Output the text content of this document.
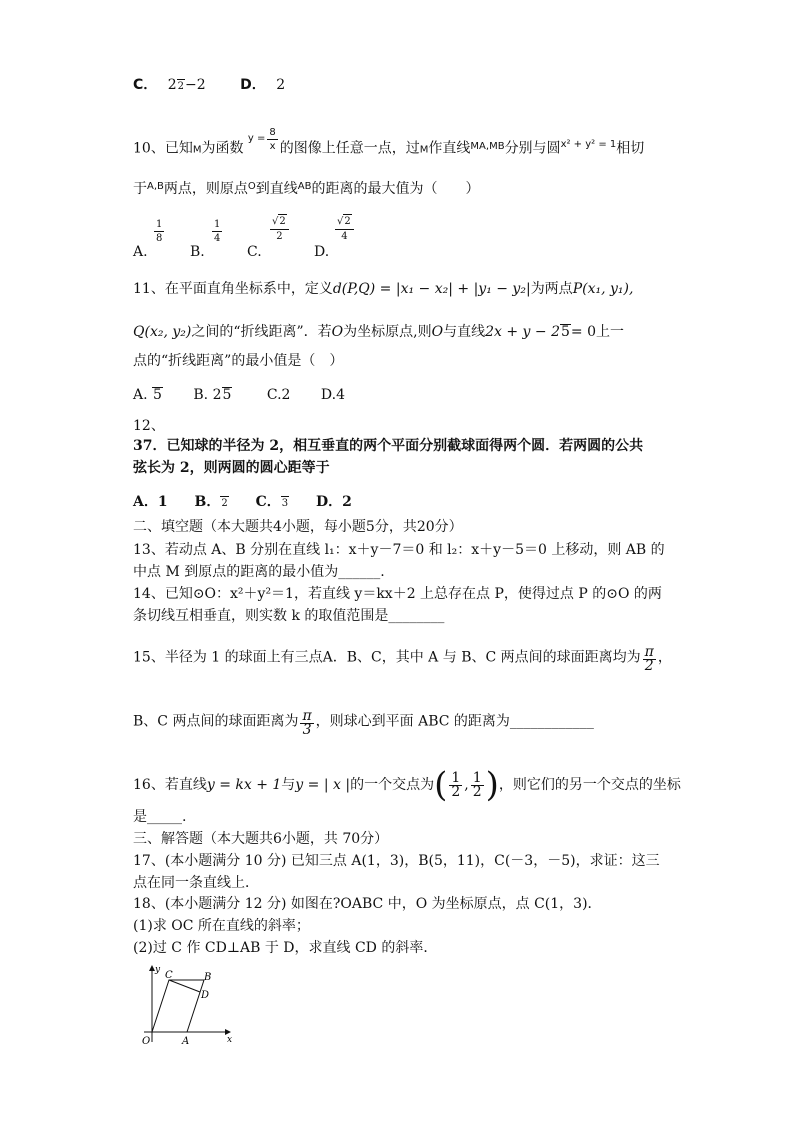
C． 22−2 D． 2
10、已知M为函数 $^{y = \frac{8}{x}}$ 的图像上任意一点，过M作直线$^{MA,MB}$分别与圆$^{x^2 + y^2 = 1}$相切
于$^{A,B}$两点，则原点$^O$到直线$^{AB}$的距离的最大值为（　　）
A.
$\frac{1}{8}$
B.
$\frac{1}{4}$
C.
$\frac{√2}{2}$
D.
$\frac{√2}{4}$
11、在平面直角坐标系中，定义d(P,Q) = |x₁ − x₂| + |y₁ − y₂|为两点P(x₁, y₁),
Q(x₂, y₂)之间的“折线距离”．若O为坐标原点,则O与直线2x + y − 25= 0上一
点的“折线距离”的最小值是（　）
A. 5 B. 25	C.2 D.4
12、
37．已知球的半径为 2，相互垂直的两个平面分别截球面得两个圆．若两圆的公共
弦长为 2，则两圆的圆心距等于
A．1 B．2 C．3 D．2
二、填空题（本大题共4小题，每小题5分，共20分）
13、若动点 A、B 分别在直线 l₁：x＋y－7＝0 和 l₂：x＋y－5＝0 上移动，则 AB 的
中点 M 到原点的距离的最小值为______.
14、已知⊙O：x²＋y²＝1，若直线 y＝kx＋2 上总存在点 P，使得过点 P 的⊙O 的两
条切线互相垂直，则实数 k 的取值范围是________
15、半径为 1 的球面上有三点A．B、C，其中 A 与 B、C 两点间的球面距离均为 $\frac{\pi}{2}$ ，
B、C 两点间的球面距离为 $\frac{\pi}{3}$ ，则球心到平面 ABC 的距离为____________
16、若直线y = kx + 1与y = | x |的一个交点为( $\frac{1}{2}$ , $\frac{1}{2}$ )，则它们的另一个交点的坐标
是_____.
三、解答题（本大题共6小题，共 70分）
17、(本小题满分 10 分) 已知三点 A(1，3)，B(5，11)，C(－3，－5)，求证：这三
点在同一条直线上．
18、(本小题满分 12 分) 如图在?OABC 中，O 为坐标原点，点 C(1，3)．
(1)求 OC 所在直线的斜率；
(2)过 C 作 CD⊥AB 于 D，求直线 CD 的斜率．
y
x
O	A
B
C
D
